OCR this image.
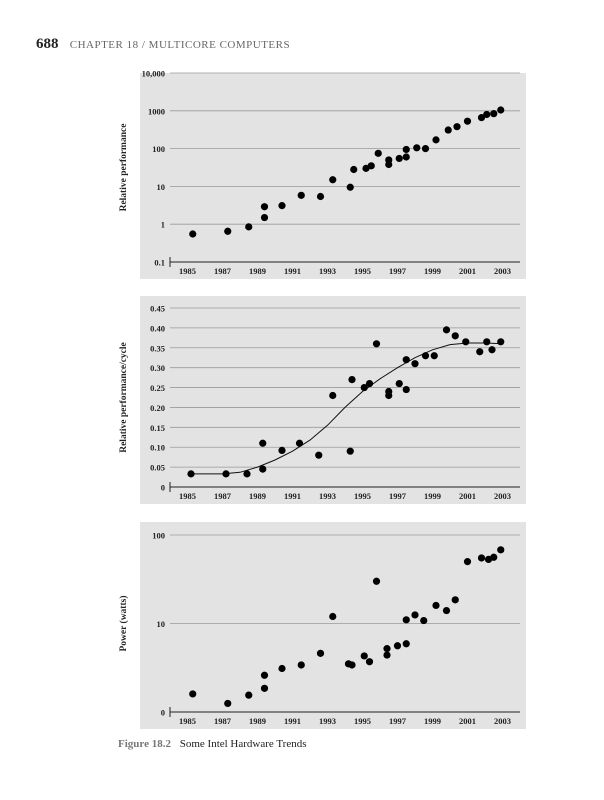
688 CHAPTER 18 / MULTICORE COMPUTERS
0.1
1
10
100
1000
10,000
1985 1987 1989 1991 1993 1995 1997 1999 2001 2003
Relative performance
0
0.05
0.10
0.15
0.20
0.25
0.30
0.35
0.40
0.45
1985 1987 1989 1991 1993 1995 1997 1999 2001 2003
Relative performance/cycle
0
10
100
1985 1987 1989 1991 1993 1995 1997 1999 2001 2003
Power (watts)
Figure 18.2 Some Intel Hardware Trends
